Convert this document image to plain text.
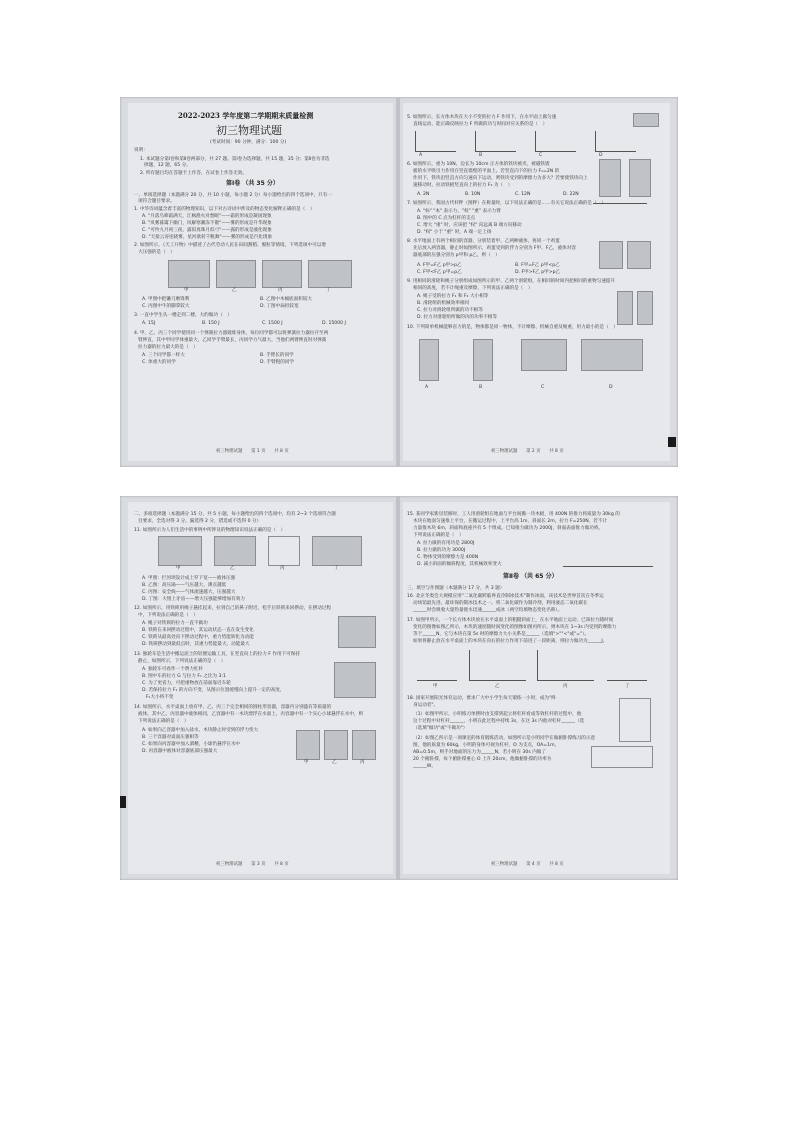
2022-2023 学年度第二学期期末质量检测
初三物理试题
(考试时间：90 分钟，满分：100 分)
说明：
1. 本试题分第Ⅰ卷和第Ⅱ卷两部分，共 27 题。第Ⅰ卷为选择题，共 15 题，35 分；第Ⅱ卷为非选
择题，12 题，65 分。
2. 所有题目均在答题卡上作答，在试卷上作答无效。
第Ⅰ卷 （共 35 分）
一、单项选择题（本题满分 20 分，共 10 小题，每小题 2 分）每小题给出的四个选项中，只有一
项符合题目要求。
1. 中华诗词蕴含着丰富的物理知识，以下对古诗词中涉及的物态变化解释正确的是（　）
A. "月落乌啼霜满天，江枫渔火对愁眠"——霜的形成是凝固现象
B. "岚雾暮霭下幽门，风解寒潮冻不散"——雾的形成是升华现象
C. "可怜九月初三夜，露似真珠月似弓"——露的形成是液化现象
D. "天接云涛连晓雾，星河欲转千帆舞"——雾的形成是汽化现象
2. 如图所示，《天工开物》中描述了古代劳动人民在田间割稻、脱粒等情境，下列选项中可以增
大压强的是（　）
甲	乙	丙	丁
A. 甲图中把镰刀磨锋利	B. 乙图中木桶底面积较大
C. 丙图中牛的脚掌较大	D. 丁图中扁担较宽
3. 一直中学生从一楼走到二楼，大约做功（　）
A. 15J	B. 150 J	C. 1500 J	D. 15000 J
4. 甲、乙、丙三个同学使用同一个弹簧拉力器锻炼身体，每位同学都可以将弹簧拉力器拉开至两
臂伸直，其中甲同学体重最大，乙同学手臂最长，丙同学力气最大，当他们两臂伸直时对弹簧
拉力器的拉力最大的是（　）
A. 三个同学都一样大	B. 手臂长的同学
C. 体重大的同学	D. 手臂粗的同学
初三物理试题　　第 1 页　　共 8 页
5. 如图所示，长方体木块在大小不变的拉力 F 作用下，在水平面上做匀速
直线运动，能正确反映拉力 F 所做的功与时间对应关系的是（　）
A	B	C	D
6. 如图所示，重为 10N、边长为 10cm 正方体的铁块被夹，被磁铁墙
板的水平吸引力作用在竖直墙壁的平面上。若竖直向下的拉力 F₁=2N 的
作用下，铁块沿竖直方向匀速向下运动，则铁块受到的摩擦力为多大？若要使铁块向上
速移动时，拉动铁板竖直向上的拉力 F₂ 为（　）
A. 2N	B. 10N	C. 12N	D. 22N
7. 如图所示，我国古代杆秤（图秤）在称量时，以下说法正确的是……有关它说法正确的是（　）
A. "标" "本" 表示力，"权" "重" 表示力臂
B. 图中的 C 点为杠杆的支点
C. 增大 "重" 时，应该把 "权" 向远离 B 端方向移动
D. "权" 小于 "重" 时，A 端一定上扬
8. 水平地面上有两个相同的容器，分别装着甲、乙两种液体，将同一个鸡蛋
先后放入两容器，静止时如图所示，鸡蛋受到的浮力分别为 F甲、F乙，液体对容
器底部的压强分别为 p甲和 p乙，则（　）
A. F甲=F乙 p甲>p乙	B. F甲=F乙 p甲<p乙
C. F甲<F乙 p甲=p乙	D. F甲>F乙 p甲>p乙
9. 用相同的滑轮和绳子分别组成如图所示的甲、乙两个滑轮组，在相同的时间内把相同的重物匀速提升
相同的高度，若不计绳重及摩擦，下列说法正确的是（　）
A. 绳子受的拉力 F₁ 和 F₂ 大小相等
B. 滑轮组的机械效率相同
C. 拉力对滑轮组所做的功不相等
D. 拉力对滑轮组所做的功的功率不相等
10. 下列简单机械能够省力的是，物体都是同一物体，不计摩擦、机械自重及绳重，用力最小的是（　）
A	B	C	D
初三物理试题　　第 2 页　　共 8 页
二、多项选择题（本题满分 15 分，共 5 小题，每小题给出的四个选项中，均有 2~3 个选项符合题
目要求，全选对得 3 分，漏选得 2 分，错选或不选得 0 分）
11. 如图所示为人们生活中的事例中所涉及的物理知识说法正确的是（　）
甲	乙	丙	丁
A. 甲图：拦河坝设计成上窄下宽——液体压强
B. 乙图：高压锅——气压越大，沸点越低
C. 丙图：安全线——气体流速越大，压强越大
D. 丁图：大钳上牙齿——增大压强能够增加有效力
12. 如图所示，用铁锁用绳子悬挂起来，拉到自己的鼻子附近，松手后铁锁来回摆动，在摆动过程
中，下列说法正确的是（　）
A. 绳子对铁锁的拉力一直不做功
B. 铁锁在来回摆动过程中，其运动状态一直在发生变化
C. 铁锁从最高处向下摆动过程中，重力势能转化为动能
D. 铁锁摆动到最低点时，其重力势能最大，动能最大
13. 独轮车是生活中搬运泥土的轻便运输工具，在竖直向上的拉力 F 作用下可保持
静止，如图所示，下列说法正确的是（　）
A. 独轮车可看作一个费力杠杆
B. 图中车的拉力 G 与拉力 F₁ 之比为 3:1
C. 为了更省力，可把重物放在前面靠近车轮
D. 若保持拉力 F₁ 的方向不变，从图示位置缓慢向上提升一定的高度，
F₁大小将不变
14. 如图所示，水平桌面上放有甲、乙、丙三个完全相同的圆柱形容器，容器内分别盛有等质量的
液体，其中乙、丙容器中液体相同，乙容器中有一木块漂浮在水面上，丙容器中有一个实心小球悬浮在水中，则
下列说法正确的是（　）
A. 如果向乙容器中加入盐水，木块静止时受到的浮力变大
B. 三个容器对桌面压强相等
C. 如果向丙容器中加入酒精，小球仍悬浮在水中
D. 丙容器中液体对容器底部压强最大
甲	乙	丙
初三物理试题　　第 3 页　　共 8 页
15. 某同学家新房装修时，工人用滑轮组在地面与平台间搬一块木板，用 400N 的推力将质量为 30kg 的
木块在地面匀速推上平台，在搬运过程中，上平台高 1m，斜面长 2m，拉力 F=250N，若不计
力量推木块 6m，斜面和底座共有 5 个组成。已知推力做功为 2000J，斜面表面推力做功将。
下列说法正确的是（　）
A. 拉力做的有用功是 2800J
B. 拉力做的功为 3000J
C. 物体受到的摩擦力是 400N
D. 减小斜面的倾斜程度，其机械效率变大
第Ⅱ卷 （共 65 分）
三、填空与作图题（本题满分 17 分，共 3 题）
16. 北京冬奥会大规模应用"二氧化碳跨临界直冷制冰技术"制作冰面，该技术是世界首次在冬季运
动场馆最先进、最环保的制冰技术之一。将二氧化碳作为制冷剂，利用液态二氧化碳在
______时会吸收大量热量使水迅速______成冰（两空均填物态变化名称）。
17. 如图甲所示，一个长方体木块放在水平桌面上的粗糙斜面上，在水平地面上运动，已知拉力随时间
变化的图像如图乙所示，木块的速度随时间变化的图像如图丙所示，则木块在 1~3s 内受到的摩擦力
等于______N，它与木块在第 5s 时的摩擦力大小关系是______（选填">""<"或"="）。
如果将静止放在水平桌面上的木块在向右的拉力作用下前进了一段距离，则拉力做功为______J。
甲	乙	丙	丁
18. 国家开展阳光体育运动，要求广大中小学生每天锻炼一小时，成为"终
身运动者"。
（1）如图甲所示，小明练习单摆时由支撑到起立将杠杆看成等效杠杆的过程中，他
这个过程中对杠杆______，小明在此过程中持续 3s，在这 3s 内他对杠杆______（选
（选填"做功"或"不做功"）
（2）如图乙所示是一项课室的体育锻炼活动，如图所示是小明同学在做俯卧撑练习的示意
图，他的质量为 60kg，小明的身体可视为杠杆，O 为支点，OA=1m，
AB=0.5m，则手对地面的压力为______N，若小明在 30s 内做了
20 个俯卧撑，每个俯卧撑重心 O 上升 20cm，他做俯卧撑的功率为
______W。
初三物理试题　　第 4 页　　共 8 页
